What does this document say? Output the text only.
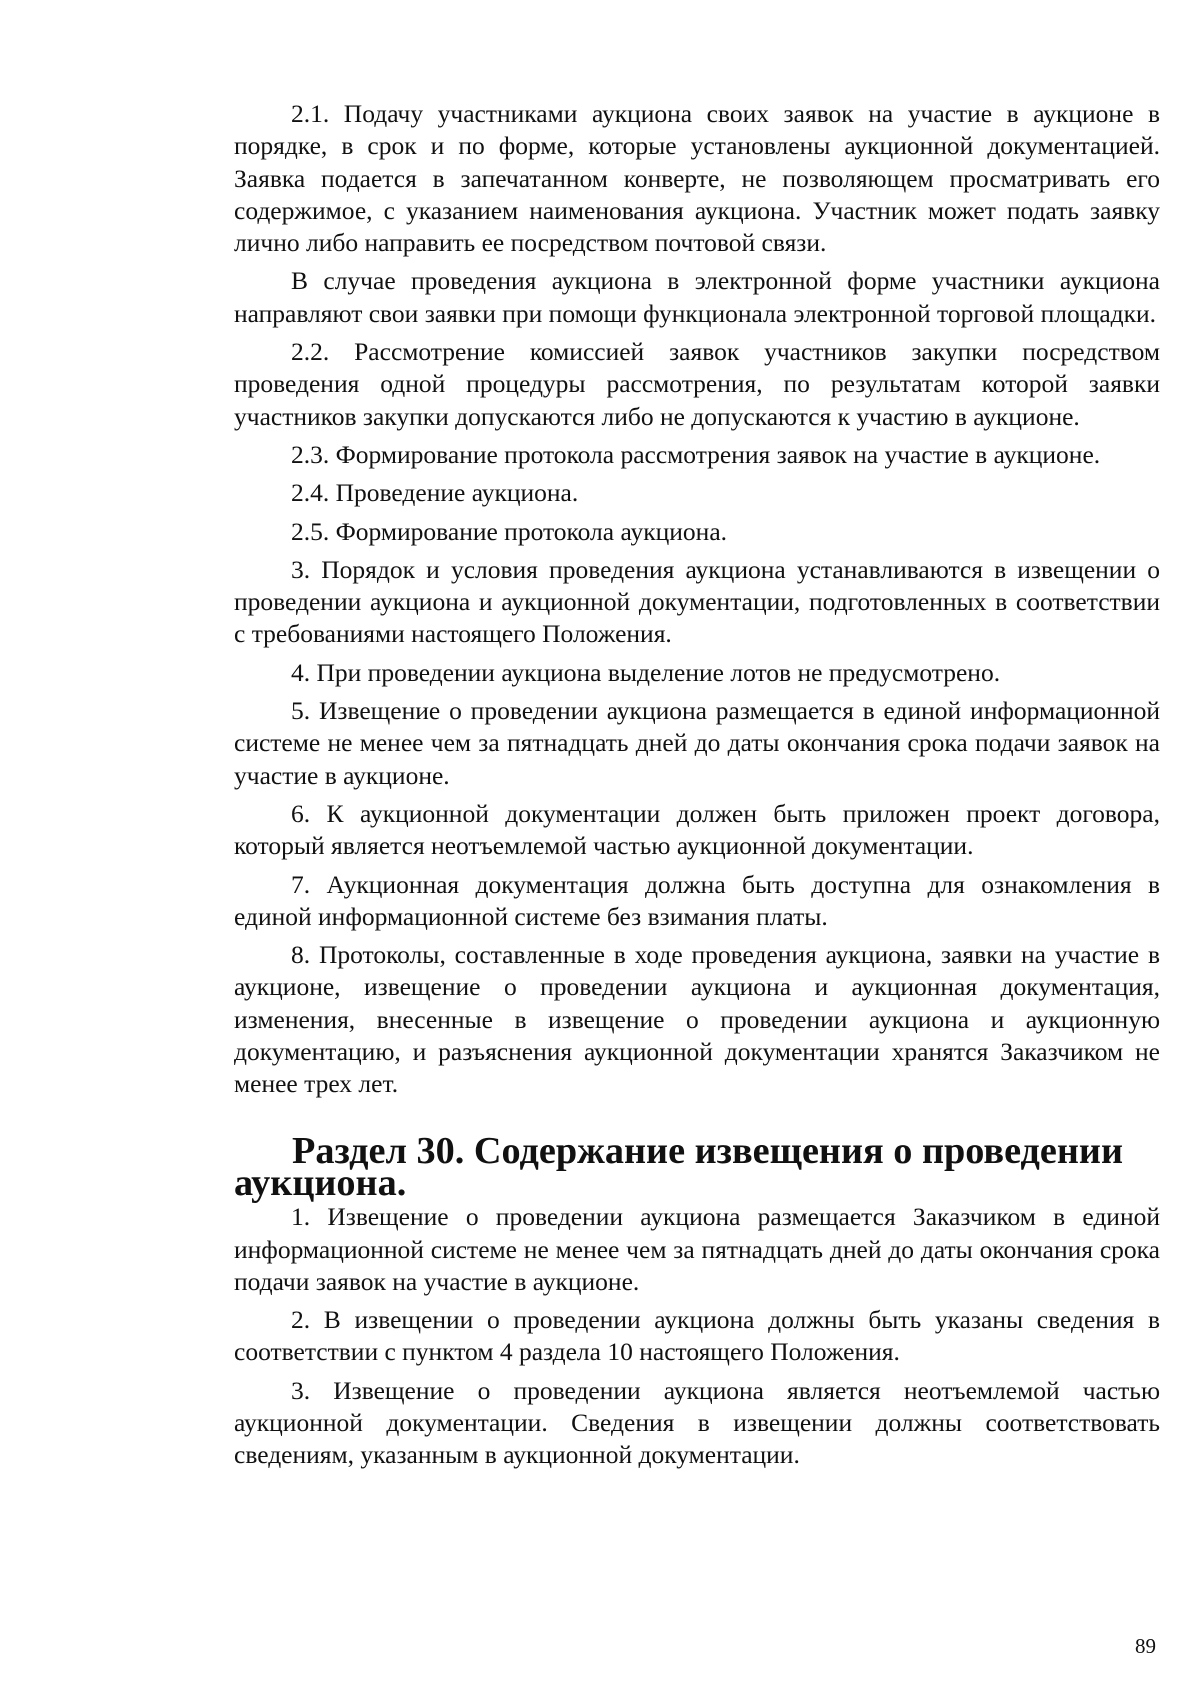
2.1. Подачу участниками аукциона своих заявок на участие в аукционе в порядке, в срок и по форме, которые установлены аукционной документацией. Заявка подается в запечатанном конверте, не позволяющем просматривать его содержимое, с указанием наименования аукциона. Участник может подать заявку лично либо направить ее посредством почтовой связи.

В случае проведения аукциона в электронной форме участники аукциона направляют свои заявки при помощи функционала электронной торговой площадки.

2.2. Рассмотрение комиссией заявок участников закупки посредством проведения одной процедуры рассмотрения, по результатам которой заявки участников закупки допускаются либо не допускаются к участию в аукционе.

2.3. Формирование протокола рассмотрения заявок на участие в аукционе.

2.4. Проведение аукциона.

2.5. Формирование протокола аукциона.

3. Порядок и условия проведения аукциона устанавливаются в извещении о проведении аукциона и аукционной документации, подготовленных в соответствии с требованиями настоящего Положения.

4. При проведении аукциона выделение лотов не предусмотрено.

5. Извещение о проведении аукциона размещается в единой информационной системе не менее чем за пятнадцать дней до даты окончания срока подачи заявок на участие в аукционе.

6. К аукционной документации должен быть приложен проект договора, который является неотъемлемой частью аукционной документации.

7. Аукционная документация должна быть доступна для ознакомления в единой информационной системе без взимания платы.

8. Протоколы, составленные в ходе проведения аукциона, заявки на участие в аукционе, извещение о проведении аукциона и аукционная документация, изменения, внесенные в извещение о проведении аукциона и аукционную документацию, и разъяснения аукционной документации хранятся Заказчиком не менее трех лет.

Раздел 30. Содержание извещения о проведении аукциона.

1. Извещение о проведении аукциона размещается Заказчиком в единой информационной системе не менее чем за пятнадцать дней до даты окончания срока подачи заявок на участие в аукционе.

2. В извещении о проведении аукциона должны быть указаны сведения в соответствии с пунктом 4 раздела 10 настоящего Положения.

3. Извещение о проведении аукциона является неотъемлемой частью аукционной документации. Сведения в извещении должны соответствовать сведениям, указанным в аукционной документации.

89
